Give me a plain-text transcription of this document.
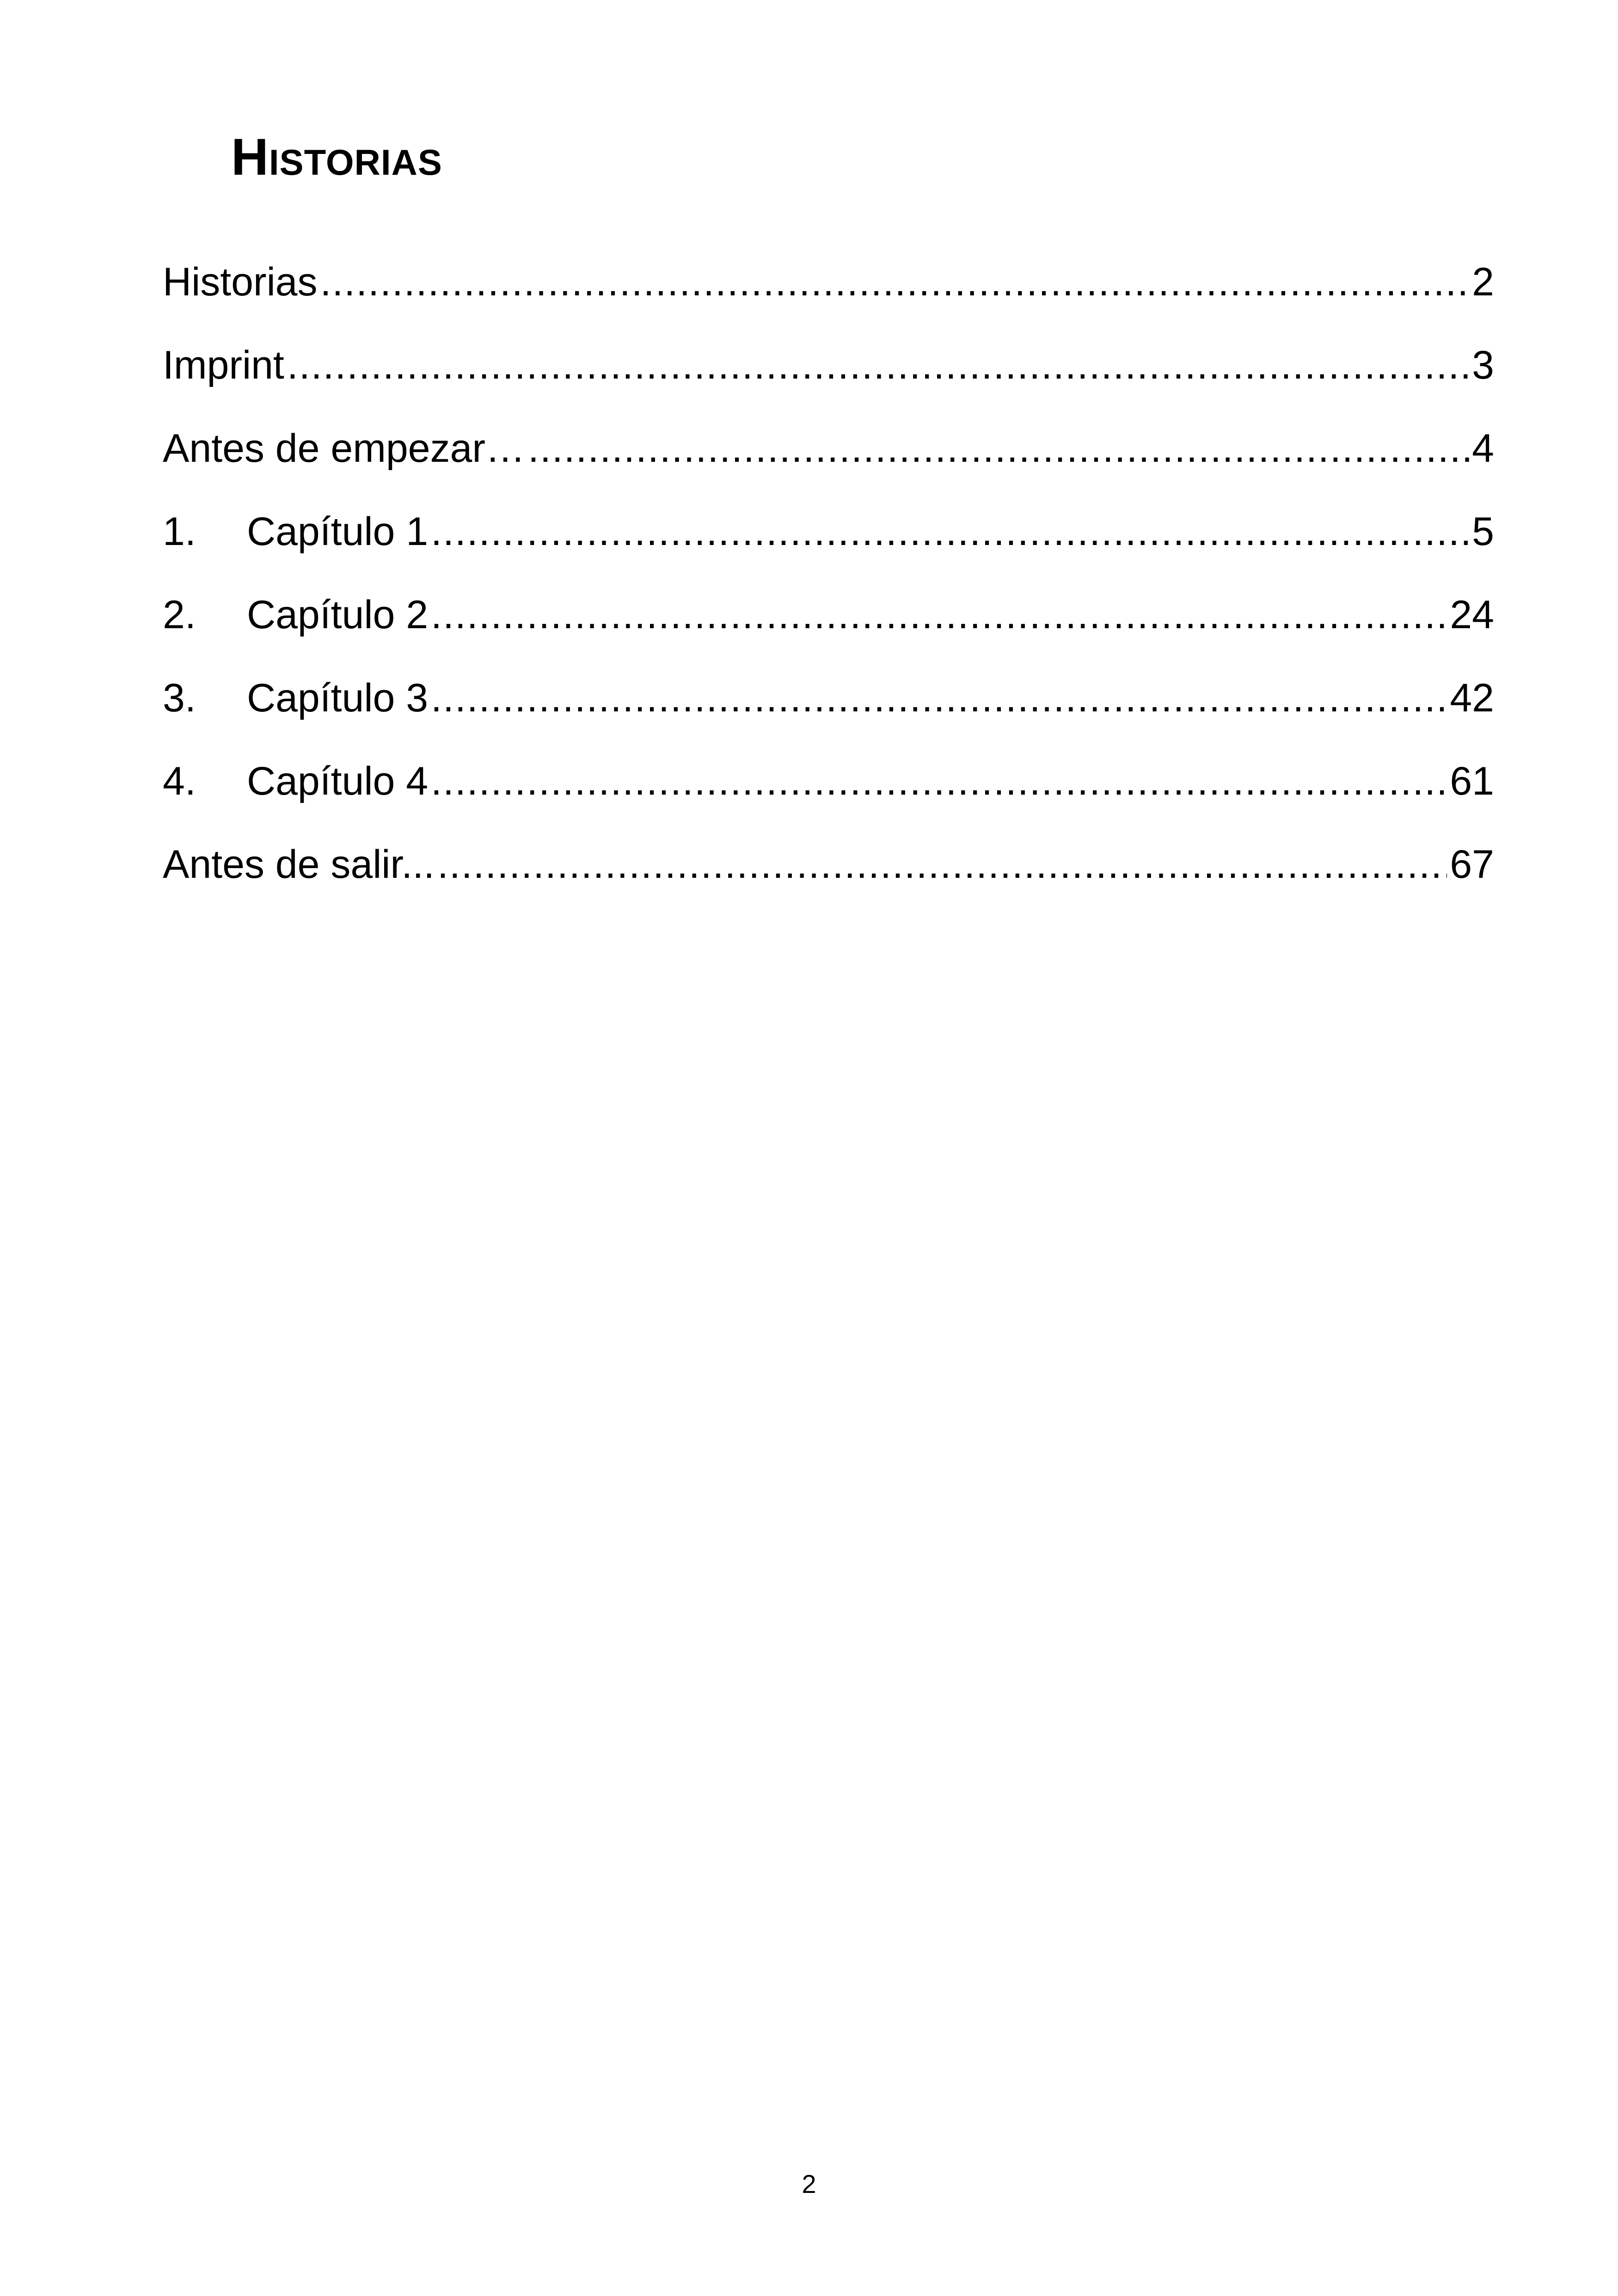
Historias
Historias .....	2
Imprint .....	3
Antes de empezar… .....	4
1.	Capítulo 1 .....	5
2.	Capítulo 2 .....	24
3.	Capítulo 3 .....	42
4.	Capítulo 4 .....	61
Antes de salir... .....	67
2
